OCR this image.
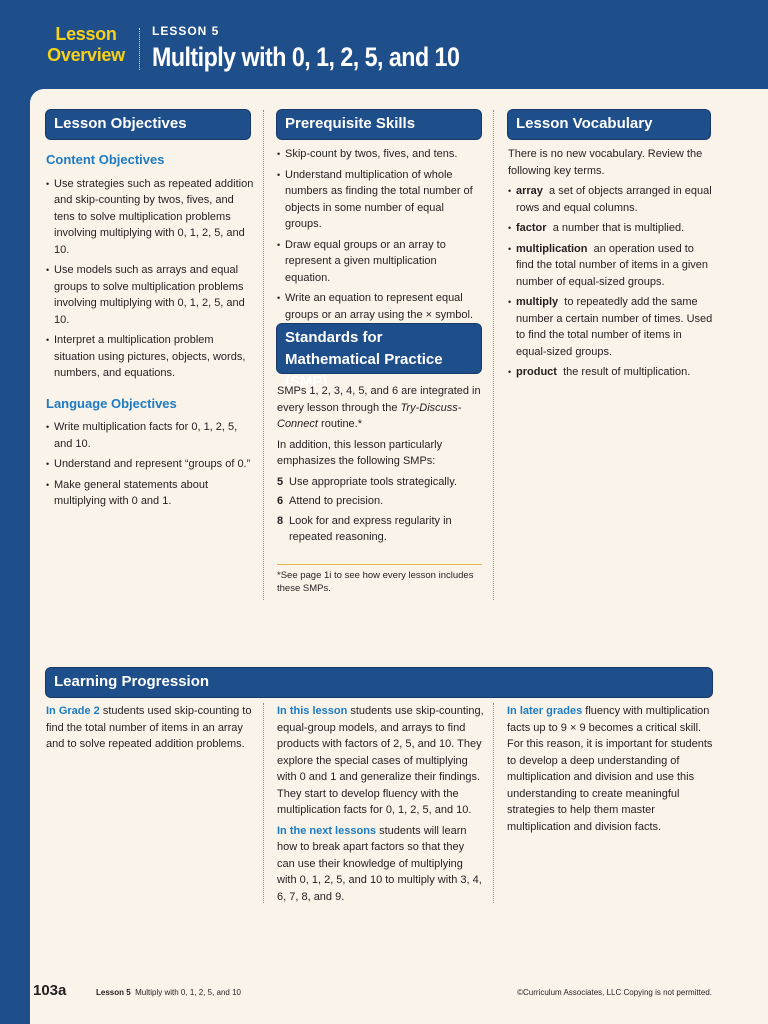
Lesson
Overview
LESSON 5
Multiply with 0, 1, 2, 5, and 10
Lesson Objectives
Content Objectives
• Use strategies such as repeated addition and skip-counting by twos, fives, and tens to solve multiplication problems involving multiplying with 0, 1, 2, 5, and 10.
• Use models such as arrays and equal groups to solve multiplication problems involving multiplying with 0, 1, 2, 5, and 10.
• Interpret a multiplication problem situation using pictures, objects, words, numbers, and equations.
Language Objectives
• Write multiplication facts for 0, 1, 2, 5, and 10.
• Understand and represent “groups of 0.”
• Make general statements about multiplying with 0 and 1.
Prerequisite Skills
• Skip-count by twos, fives, and tens.
• Understand multiplication of whole numbers as finding the total number of objects in some number of equal groups.
• Draw equal groups or an array to represent a given multiplication equation.
• Write an equation to represent equal groups or an array using the × symbol.
Standards for Mathematical Practice (SMP)

SMPs 1, 2, 3, 4, 5, and 6 are integrated in every lesson through the Try-Discuss-Connect routine.*

In addition, this lesson particularly emphasizes the following SMPs:

5 Use appropriate tools strategically.
6 Attend to precision.
8 Look for and express regularity in repeated reasoning.
*See page 1i to see how every lesson includes these SMPs.
Lesson Vocabulary

There is no new vocabulary. Review the following key terms.

• array a set of objects arranged in equal rows and equal columns.
• factor a number that is multiplied.
• multiplication an operation used to find the total number of items in a given number of equal-sized groups.
• multiply to repeatedly add the same number a certain number of times. Used to find the total number of items in equal-sized groups.
• product the result of multiplication.
Learning Progression

In Grade 2 students used skip-counting to find the total number of items in an array and to solve repeated addition problems.

In this lesson students use skip-counting, equal-group models, and arrays to find products with factors of 2, 5, and 10. They explore the special cases of multiplying with 0 and 1 and generalize their findings. They start to develop fluency with the multiplication facts for 0, 1, 2, 5, and 10.

In the next lessons students will learn how to break apart factors so that they can use their knowledge of multiplying with 0, 1, 2, 5, and 10 to multiply with 3, 4, 6, 7, 8, and 9.

In later grades fluency with multiplication facts up to 9 × 9 becomes a critical skill. For this reason, it is important for students to develop a deep understanding of multiplication and division and use this understanding to create meaningful strategies to help them master multiplication and division facts.

103a	Lesson 5 Multiply with 0, 1, 2, 5, and 10	©Curriculum Associates, LLC Copying is not permitted.
